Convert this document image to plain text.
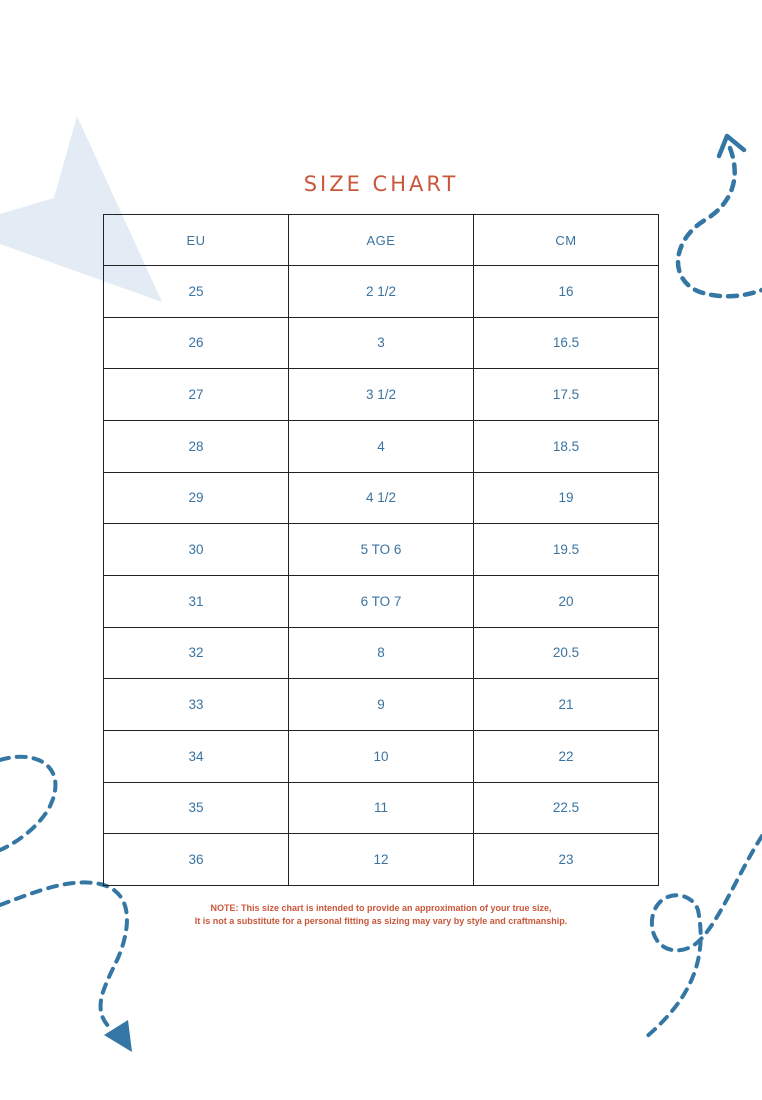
SIZE CHART
EU	AGE	CM
25	2 1/2	16
26	3	16.5
27	3 1/2	17.5
28	4	18.5
29	4 1/2	19
30	5 TO 6	19.5
31	6 TO 7	20
32	8	20.5
33	9	21
34	10	22
35	11	22.5
36	12	23
NOTE: This size chart is intended to provide an approximation of your true size,
It is not a substitute for a personal fitting as sizing may vary by style and craftmanship.
